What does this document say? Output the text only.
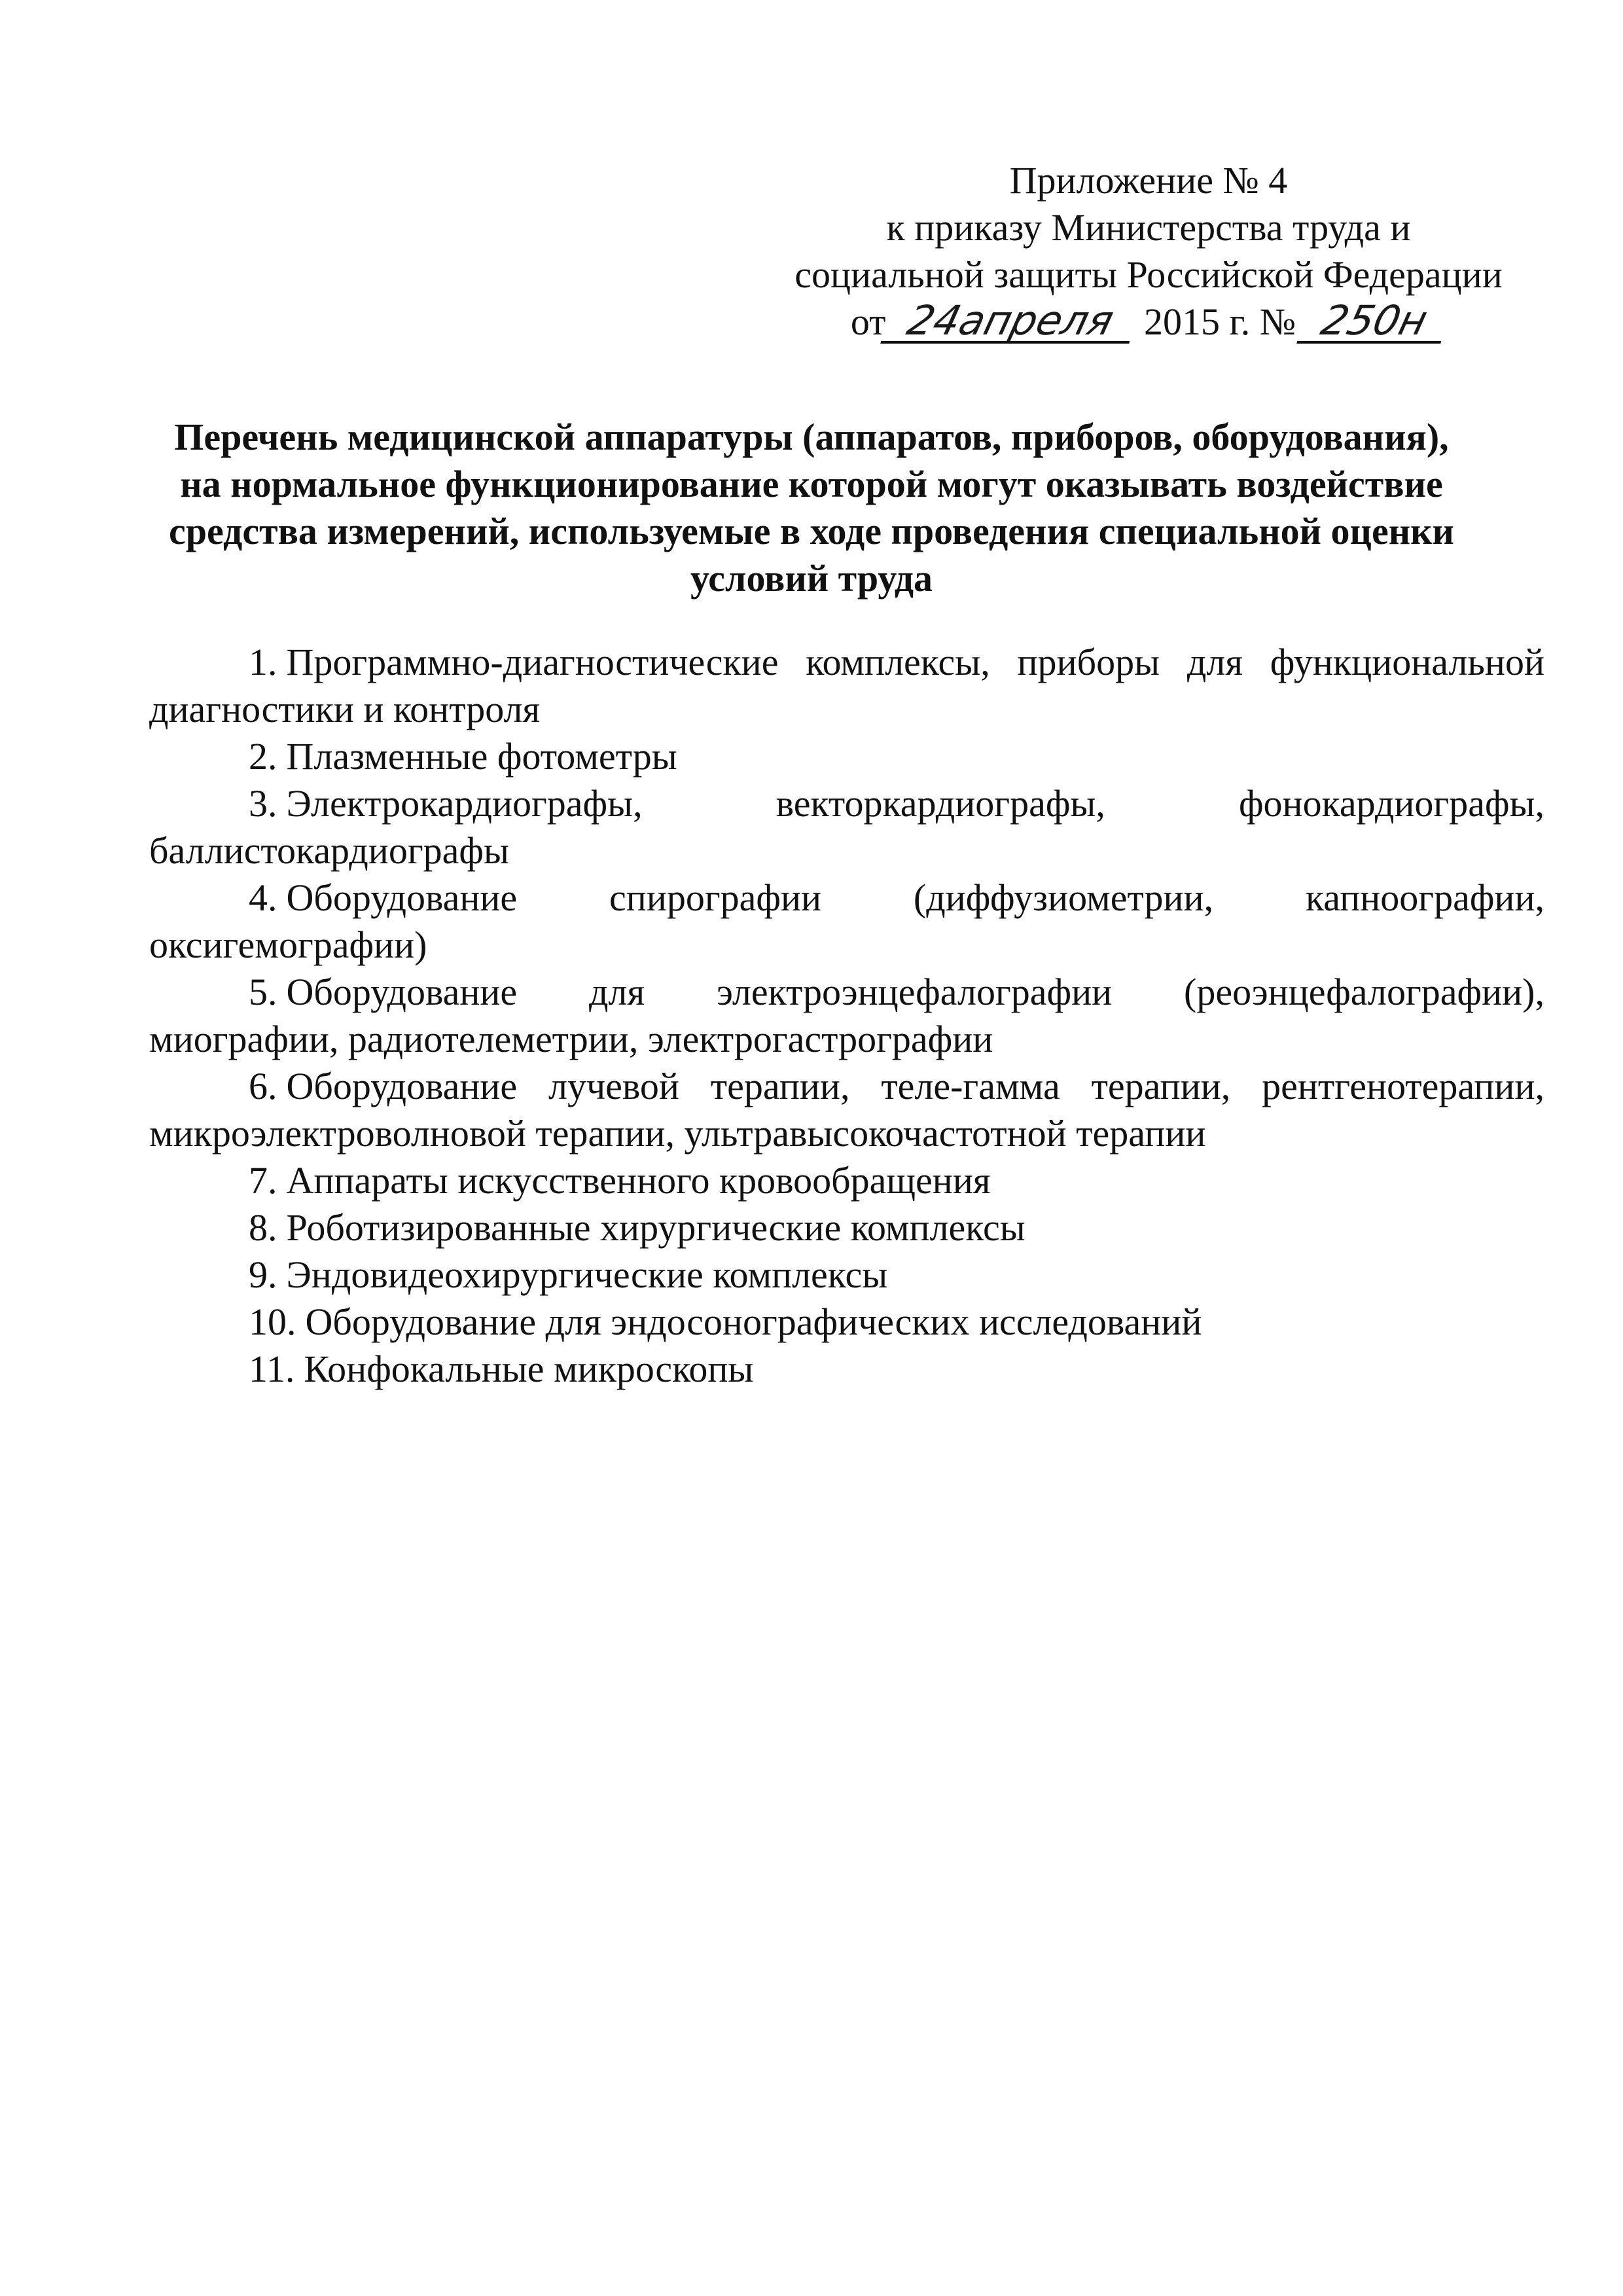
Приложение № 4
к приказу Министерства труда и
социальной защиты Российской Федерации
от 24апреля 2015 г. № 250н
Перечень медицинской аппаратуры (аппаратов, приборов, оборудования),
на нормальное функционирование которой могут оказывать воздействие
средства измерений, используемые в ходе проведения специальной оценки
условий труда
1. Программно-диагностические комплексы, приборы для функциональной диагностики и контроля
2. Плазменные фотометры
3. Электрокардиографы, векторкардиографы, фонокардиографы, баллистокардиографы
4. Оборудование спирографии (диффузиометрии, капноографии, оксигемографии)
5. Оборудование для электроэнцефалографии (реоэнцефалографии), миографии, радиотелеметрии, электрогастрографии
6. Оборудование лучевой терапии, теле-гамма терапии, рентгенотерапии, микроэлектроволновой терапии, ультравысокочастотной терапии
7. Аппараты искусственного кровообращения
8. Роботизированные хирургические комплексы
9. Эндовидеохирургические комплексы
10. Оборудование для эндосонографических исследований
11. Конфокальные микроскопы
